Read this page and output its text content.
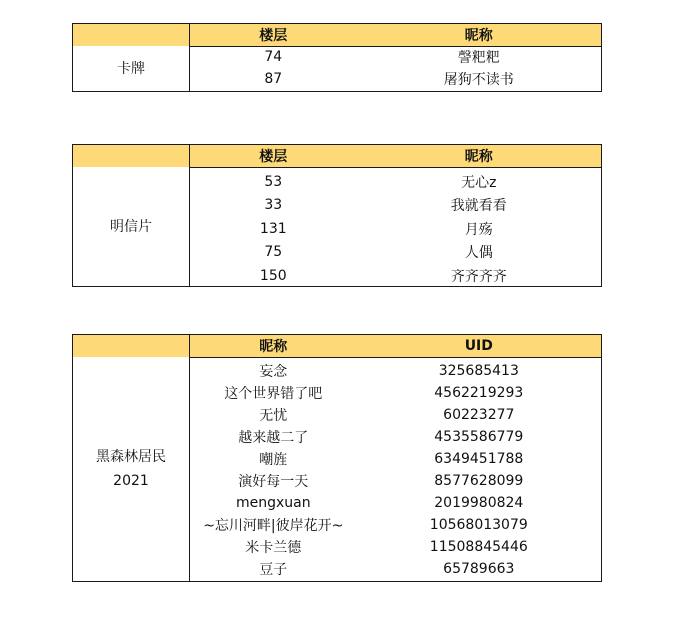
卡牌
楼层	昵称
74	謦粑粑
87	屠狗不读书
明信片
楼层	昵称
53	无心z
33	我就看看
131	月殇
75	人偶
150	齐齐齐齐
黑森林居民
2021
昵称	UID
妄念	325685413
这个世界错了吧	4562219293
无忧	60223277
越来越二了	4535586779
嘲旌	6349451788
演好每一天	8577628099
mengxuan	2019980824
~忘川河畔|彼岸花开~	10568013079
米卡兰德	11508845446
豆子	65789663
